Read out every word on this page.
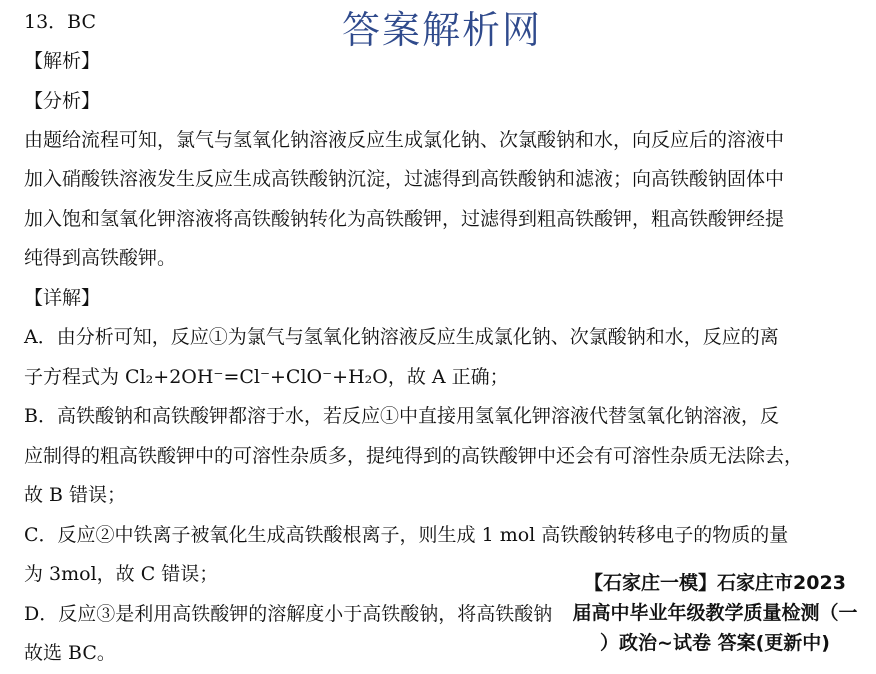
答案解析网
13．BC
【解析】
【分析】
由题给流程可知，氯气与氢氧化钠溶液反应生成氯化钠、次氯酸钠和水，向反应后的溶液中
加入硝酸铁溶液发生反应生成高铁酸钠沉淀，过滤得到高铁酸钠和滤液；向高铁酸钠固体中
加入饱和氢氧化钾溶液将高铁酸钠转化为高铁酸钾，过滤得到粗高铁酸钾，粗高铁酸钾经提
纯得到高铁酸钾。
【详解】
A．由分析可知，反应①为氯气与氢氧化钠溶液反应生成氯化钠、次氯酸钠和水，反应的离
子方程式为 Cl₂+2OH⁻=Cl⁻+ClO⁻+H₂O，故 A 正确；
B．高铁酸钠和高铁酸钾都溶于水，若反应①中直接用氢氧化钾溶液代替氢氧化钠溶液，反
应制得的粗高铁酸钾中的可溶性杂质多，提纯得到的高铁酸钾中还会有可溶性杂质无法除去，
故 B 错误；
C．反应②中铁离子被氧化生成高铁酸根离子，则生成 1 mol 高铁酸钠转移电子的物质的量
为 3mol，故 C 错误；
D．反应③是利用高铁酸钾的溶解度小于高铁酸钠，将高铁酸钠
故选 BC。
【石家庄一模】石家庄市2023
届高中毕业年级教学质量检测（一
）政治~试卷 答案(更新中)
